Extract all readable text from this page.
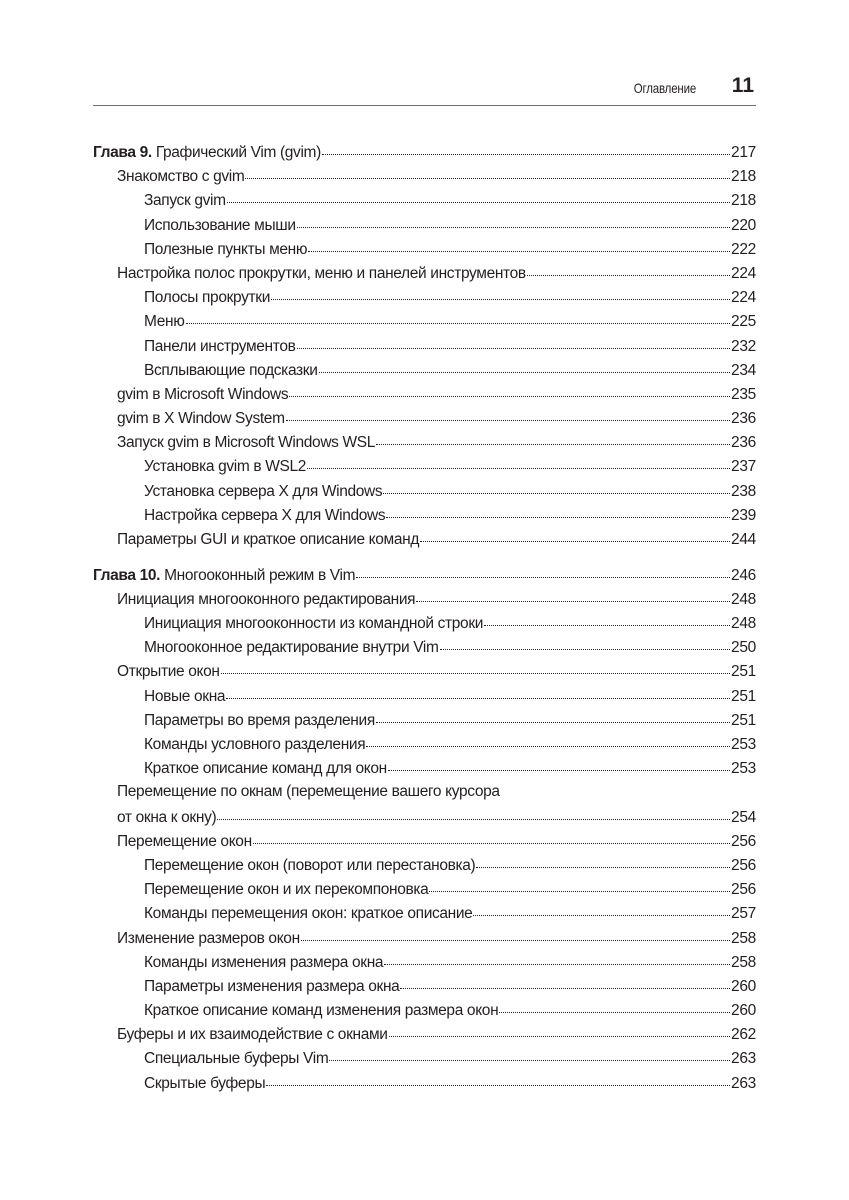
Оглавление 11
Глава 9. Графический Vim (gvim)	217
Знакомство с gvim	218
Запуск gvim	218
Использование мыши	220
Полезные пункты меню	222
Настройка полос прокрутки, меню и панелей инструментов	224
Полосы прокрутки	224
Меню	225
Панели инструментов	232
Всплывающие подсказки	234
gvim в Microsoft Windows	235
gvim в X Window System	236
Запуск gvim в Microsoft Windows WSL	236
Установка gvim в WSL2	237
Установка сервера X для Windows	238
Настройка сервера X для Windows	239
Параметры GUI и краткое описание команд	244
Глава 10. Многооконный режим в Vim	246
Инициация многооконного редактирования	248
Инициация многооконности из командной строки	248
Многооконное редактирование внутри Vim	250
Открытие окон	251
Новые окна	251
Параметры во время разделения	251
Команды условного разделения	253
Краткое описание команд для окон	253
Перемещение по окнам (перемещение вашего курсора
от окна к окну)	254
Перемещение окон	256
Перемещение окон (поворот или перестановка)	256
Перемещение окон и их перекомпоновка	256
Команды перемещения окон: краткое описание	257
Изменение размеров окон	258
Команды изменения размера окна	258
Параметры изменения размера окна	260
Краткое описание команд изменения размера окон	260
Буферы и их взаимодействие с окнами	262
Специальные буферы Vim	263
Скрытые буферы	263
